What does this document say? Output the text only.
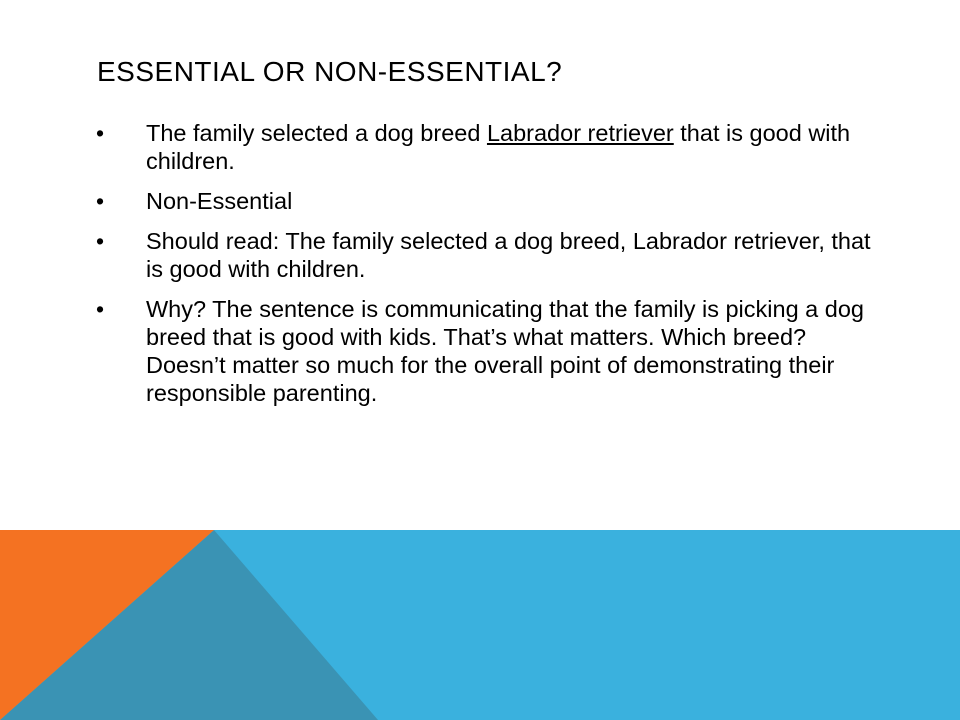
ESSENTIAL OR NON-ESSENTIAL?
• The family selected a dog breed Labrador retriever that is good with children.
• Non-Essential
• Should read: The family selected a dog breed, Labrador retriever, that is good with children.
• Why? The sentence is communicating that the family is picking a dog breed that is good with kids. That’s what matters. Which breed? Doesn’t matter so much for the overall point of demonstrating their responsible parenting.
